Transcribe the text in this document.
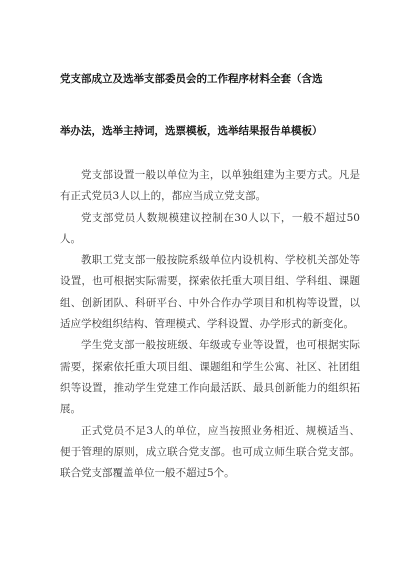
党支部成立及选举支部委员会的工作程序材料全套（含选
举办法，选举主持词，选票模板，选举结果报告单模板）

党支部设置一般以单位为主，以单独组建为主要方式。凡是有正式党员3人以上的，都应当成立党支部。

党支部党员人数规模建议控制在30人以下，一般不超过50人。

教职工党支部一般按院系级单位内设机构、学校机关部处等设置，也可根据实际需要，探索依托重大项目组、学科组、课题组、创新团队、科研平台、中外合作办学项目和机构等设置，以适应学校组织结构、管理模式、学科设置、办学形式的新变化。

学生党支部一般按班级、年级或专业等设置，也可根据实际需要，探索依托重大项目组、课题组和学生公寓、社区、社团组织等设置，推动学生党建工作向最活跃、最具创新能力的组织拓展。

正式党员不足3人的单位，应当按照业务相近、规模适当、便于管理的原则，成立联合党支部。也可成立师生联合党支部。联合党支部覆盖单位一般不超过5个。
